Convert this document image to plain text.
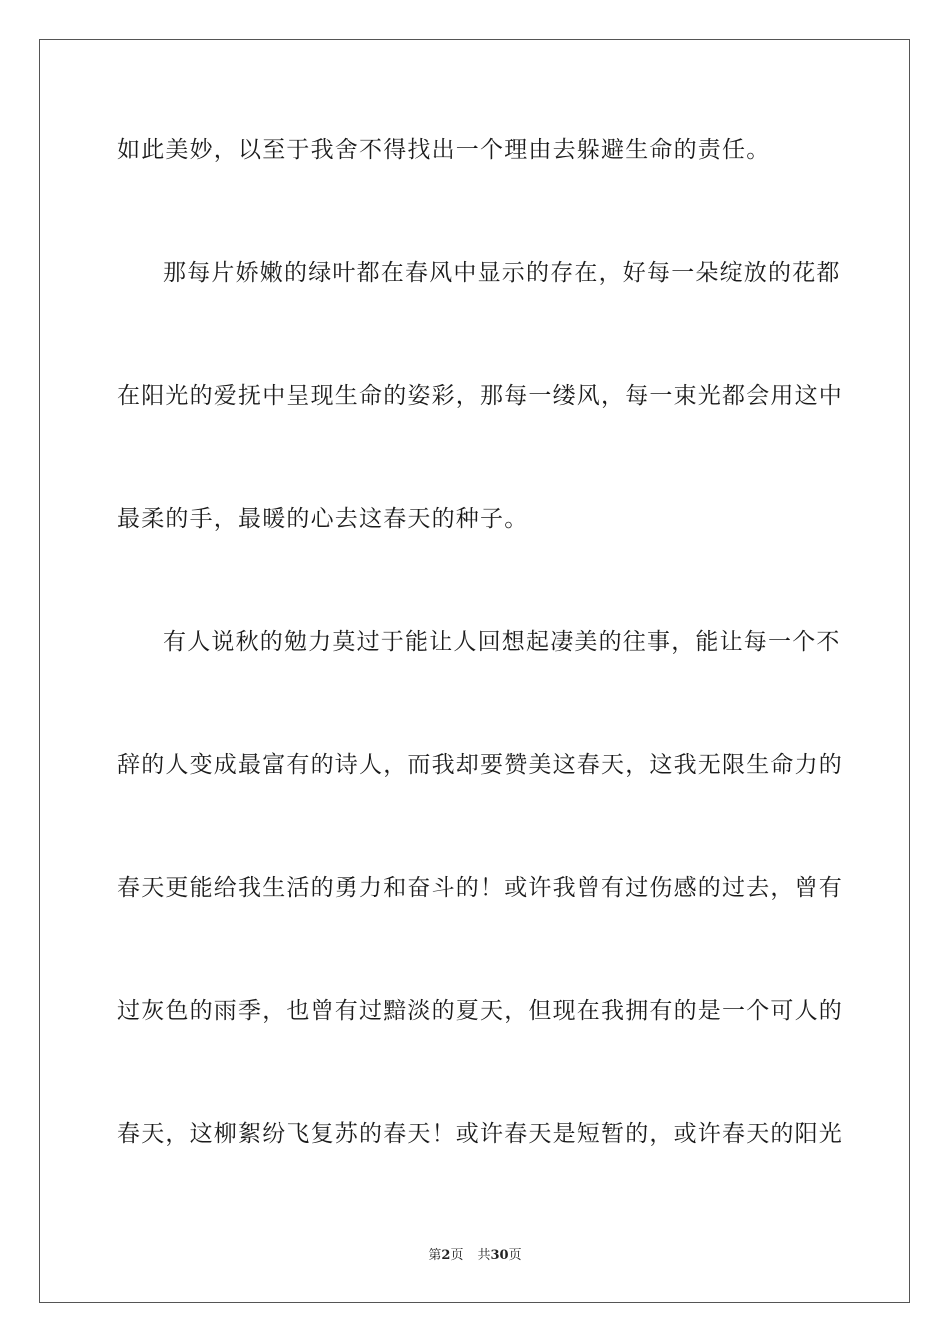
如此美妙，以至于我舍不得找出一个理由去躲避生命的责任。
那每片娇嫩的绿叶都在春风中显示的存在，好每一朵绽放的花都
在阳光的爱抚中呈现生命的姿彩，那每一缕风，每一束光都会用这中
最柔的手，最暖的心去这春天的种子。
有人说秋的勉力莫过于能让人回想起凄美的往事，能让每一个不
辞的人变成最富有的诗人，而我却要赞美这春天，这我无限生命力的
春天更能给我生活的勇力和奋斗的！或许我曾有过伤感的过去，曾有
过灰色的雨季，也曾有过黯淡的夏天，但现在我拥有的是一个可人的
春天，这柳絮纷飞复苏的春天！或许春天是短暂的，或许春天的阳光
第2页 共30页
